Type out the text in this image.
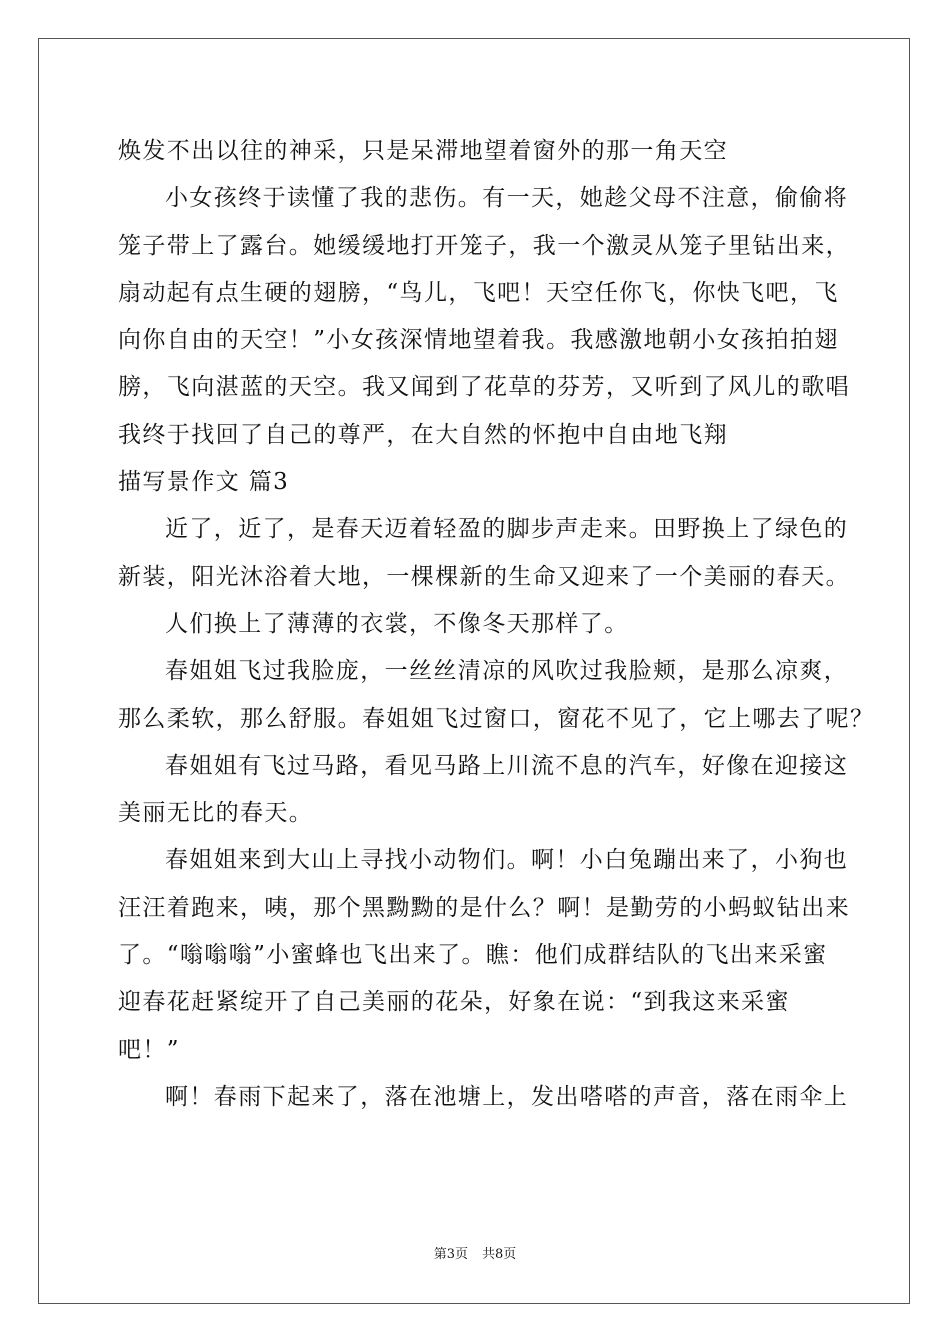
焕发不出以往的神采，只是呆滞地望着窗外的那一角天空
小女孩终于读懂了我的悲伤。有一天，她趁父母不注意，偷偷将
笼子带上了露台。她缓缓地打开笼子，我一个激灵从笼子里钻出来，
扇动起有点生硬的翅膀，“鸟儿，飞吧！天空任你飞，你快飞吧，飞
向你自由的天空！”小女孩深情地望着我。我感激地朝小女孩拍拍翅
膀，飞向湛蓝的天空。我又闻到了花草的芬芳，又听到了风儿的歌唱
我终于找回了自己的尊严，在大自然的怀抱中自由地飞翔
描写景作文 篇3
近了，近了，是春天迈着轻盈的脚步声走来。田野换上了绿色的
新装，阳光沐浴着大地，一棵棵新的生命又迎来了一个美丽的春天。
人们换上了薄薄的衣裳，不像冬天那样了。
春姐姐飞过我脸庞，一丝丝清凉的风吹过我脸颊，是那么凉爽，
那么柔软，那么舒服。春姐姐飞过窗口，窗花不见了，它上哪去了呢？
春姐姐有飞过马路，看见马路上川流不息的汽车，好像在迎接这
美丽无比的春天。
春姐姐来到大山上寻找小动物们。啊！小白兔蹦出来了，小狗也
汪汪着跑来，咦，那个黑黝黝的是什么？啊！是勤劳的小蚂蚁钻出来
了。“嗡嗡嗡”小蜜蜂也飞出来了。瞧：他们成群结队的飞出来采蜜
迎春花赶紧绽开了自己美丽的花朵，好象在说：“到我这来采蜜
吧！”
啊！春雨下起来了，落在池塘上，发出嗒嗒的声音，落在雨伞上
第3页 共8页
